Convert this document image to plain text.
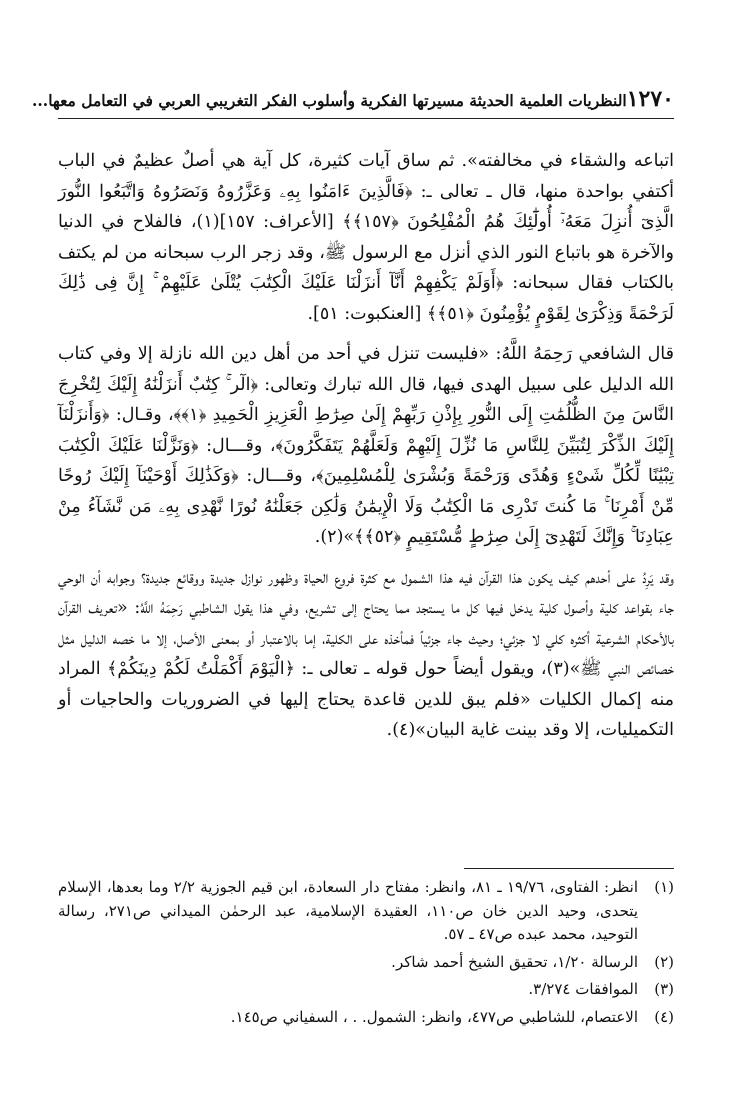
١٢٧٠
النظريات العلمية الحديثة مسيرتها الفكرية وأسلوب الفكر التغريبي العربي في التعامل معها...

اتباعه والشقاء في مخالفته». ثم ساق آيات كثيرة، كل آية هي أصلٌ عظيمٌ في الباب أكتفي بواحدة منها، قال ـ تعالى ـ: ﴿فَالَّذِينَ ءَامَنُوا بِهِۦ وَعَزَّرُوهُ وَنَصَرُوهُ وَاتَّبَعُوا النُّورَ الَّذِىٓ أُنزِلَ مَعَهُۥٓ أُولَٰٓئِكَ هُمُ الْمُفْلِحُونَ ﴿١٥٧﴾﴾ [الأعراف: ١٥٧](١)، فالفلاح في الدنيا والآخرة هو باتباع النور الذي أنزل مع الرسول ﷺ، وقد زجر الرب سبحانه من لم يكتف بالكتاب فقال سبحانه: ﴿أَوَلَمْ يَكْفِهِمْ أَنَّآ أَنزَلْنَا عَلَيْكَ الْكِتَٰبَ يُتْلَىٰ عَلَيْهِمْ ۚ إِنَّ فِى ذَٰلِكَ لَرَحْمَةً وَذِكْرَىٰ لِقَوْمٍ يُؤْمِنُونَ ﴿٥١﴾﴾ [العنكبوت: ٥١].

قال الشافعي رَحِمَهُ اللَّهُ: «فليست تنزل في أحد من أهل دين الله نازلة إلا وفي كتاب الله الدليل على سبيل الهدى فيها، قال الله تبارك وتعالى: ﴿الٓر ۚ كِتَٰبٌ أَنزَلْنَٰهُ إِلَيْكَ لِتُخْرِجَ النَّاسَ مِنَ الظُّلُمَٰتِ إِلَى النُّورِ بِإِذْنِ رَبِّهِمْ إِلَىٰ صِرَٰطِ الْعَزِيزِ الْحَمِيدِ ﴿١﴾﴾، وقـال: ﴿وَأَنزَلْنَآ إِلَيْكَ الذِّكْرَ لِتُبَيِّنَ لِلنَّاسِ مَا نُزِّلَ إِلَيْهِمْ وَلَعَلَّهُمْ يَتَفَكَّرُونَ﴾، وقـــال: ﴿وَنَزَّلْنَا عَلَيْكَ الْكِتَٰبَ تِبْيَٰنًا لِّكُلِّ شَىْءٍ وَهُدًى وَرَحْمَةً وَبُشْرَىٰ لِلْمُسْلِمِينَ﴾، وقـــال: ﴿وَكَذَٰلِكَ أَوْحَيْنَآ إِلَيْكَ رُوحًا مِّنْ أَمْرِنَا ۚ مَا كُنتَ تَدْرِى مَا الْكِتَٰبُ وَلَا الْإِيمَٰنُ وَلَٰكِن جَعَلْنَٰهُ نُورًا نَّهْدِى بِهِۦ مَن نَّشَآءُ مِنْ عِبَادِنَا ۚ وَإِنَّكَ لَتَهْدِىٓ إِلَىٰ صِرَٰطٍ مُّسْتَقِيمٍ ﴿٥٢﴾﴾»(٢).

وقد يَرِدُ على أحدهم كيف يكون هذا القرآن فيه هذا الشمول مع كثرة فروع الحياة وظهور نوازل جديدة ووقائع جديدة؟ وجوابه أن الوحي جاء بقواعد كلية وأصول كلية يدخل فيها كل ما يستجد مما يحتاج إلى تشريع، وفي هذا يقول الشاطبي رَحِمَهُ اللَّهُ: «تعريف القرآن بالأحكام الشرعية أكثره كلي لا جزئي؛ وحيث جاء جزئياً فمأخذه على الكلية، إما بالاعتبار أو بمعنى الأصل، إلا ما خصه الدليل مثل خصائص النبي ﷺ»(٣)، ويقول أيضاً حول قوله ـ تعالى ـ: ﴿الْيَوْمَ أَكْمَلْتُ لَكُمْ دِينَكُمْ﴾ المراد منه إكمال الكليات «فلم يبق للدين قاعدة يحتاج إليها في الضروريات والحاجيات أو التكميليات، إلا وقد بينت غاية البيان»(٤).

(١)
انظر: الفتاوى، ١٩/٧٦ ـ ٨١، وانظر: مفتاح دار السعادة، ابن قيم الجوزية ٢/٢ وما بعدها، الإسلام يتحدى، وحيد الدين خان ص١١٠، العقيدة الإسلامية، عبد الرحمٰن الميداني ص٢٧١، رسالة التوحيد، محمد عبده ص٤٧ ـ ٥٧.
(٢)
الرسالة ١/٢٠، تحقيق الشيخ أحمد شاكر.
(٣)
الموافقات ٣/٢٧٤.
(٤)
الاعتصام، للشاطبي ص٤٧٧، وانظر: الشمول. . ، السفياني ص١٤٥.
